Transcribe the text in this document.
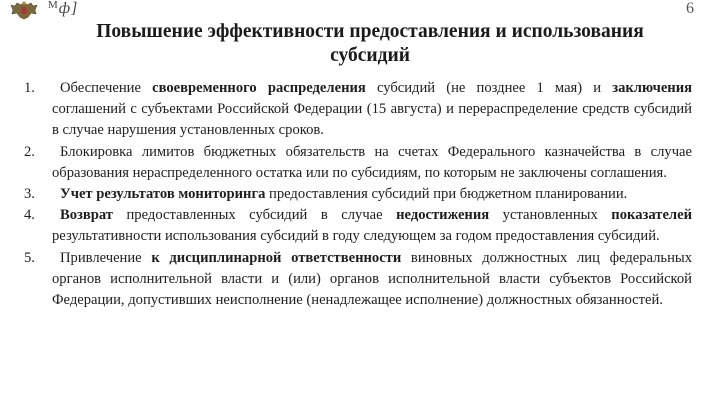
$^М$ф]	6
Повышение эффективности предоставления и использования субсидий
1.	Обеспечение своевременного распределения субсидий (не позднее 1 мая) и заключения соглашений с субъектами Российской Федерации (15 августа) и перераспределение средств субсидий в случае нарушения установленных сроков.
2.	Блокировка лимитов бюджетных обязательств на счетах Федерального казначейства в случае образования нераспределенного остатка или по субсидиям, по которым не заключены соглашения.
3.	Учет результатов мониторинга предоставления субсидий при бюджетном планировании.
4.	Возврат предоставленных субсидий в случае недостижения установленных показателей результативности использования субсидий в году следующем за годом предоставления субсидий.
5.	Привлечение к дисциплинарной ответственности виновных должностных лиц федеральных органов исполнительной власти и (или) органов исполнительной власти субъектов Российской Федерации, допустивших неисполнение (ненадлежащее исполнение) должностных обязанностей.
